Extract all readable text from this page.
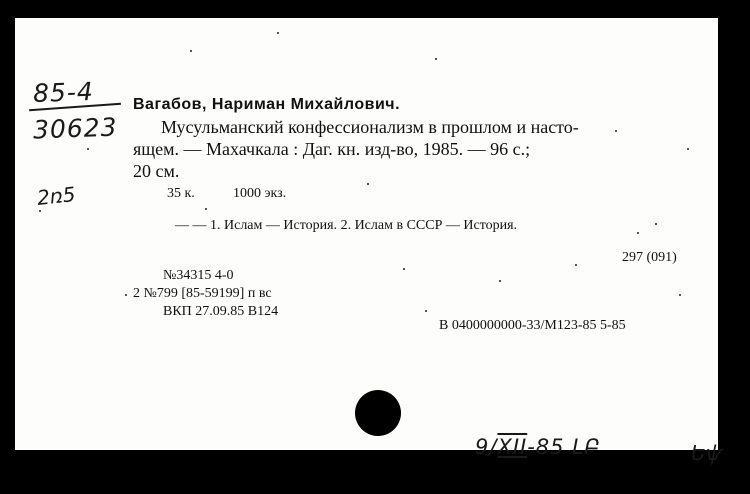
85-4
30623
2ռ5
Вагабов, Нариман Михайлович.
Мусульманский конфессионализм в прошлом и насто-
ящем. — Махачкала : Даг. кн. изд-во, 1985. — 96 с.;
20 см.
35 к.	1000 экз.
— — 1. Ислам — История. 2. Ислам в СССР — История.
297 (091)
№34315 4-0
2 №799 [85-59199] п вс
ВКП 27.09.85 В124
В 0400000000-33/М123-85 5-85
9/XII-85 ԼԲ	Եѱ
